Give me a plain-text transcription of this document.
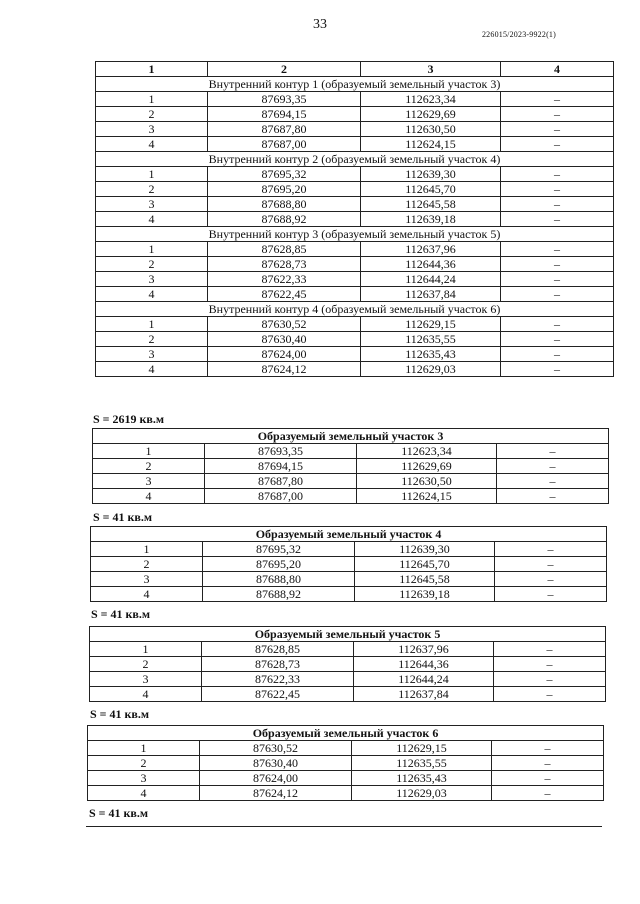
33
226015/2023-9922(1)
1	2	3	4
Внутренний контур 1 (образуемый земельный участок 3)			
1	87693,35	112623,34	–
2	87694,15	112629,69	–
3	87687,80	112630,50	–
4	87687,00	112624,15	–
Внутренний контур 2 (образуемый земельный участок 4)			
1	87695,32	112639,30	–
2	87695,20	112645,70	–
3	87688,80	112645,58	–
4	87688,92	112639,18	–
Внутренний контур 3 (образуемый земельный участок 5)			
1	87628,85	112637,96	–
2	87628,73	112644,36	–
3	87622,33	112644,24	–
4	87622,45	112637,84	–
Внутренний контур 4 (образуемый земельный участок 6)			
1	87630,52	112629,15	–
2	87630,40	112635,55	–
3	87624,00	112635,43	–
4	87624,12	112629,03	–
S = 2619 кв.м
Образуемый земельный участок 3			
1	87693,35	112623,34	–
2	87694,15	112629,69	–
3	87687,80	112630,50	–
4	87687,00	112624,15	–
S = 41 кв.м
Образуемый земельный участок 4			
1	87695,32	112639,30	–
2	87695,20	112645,70	–
3	87688,80	112645,58	–
4	87688,92	112639,18	–
S = 41 кв.м
Образуемый земельный участок 5			
1	87628,85	112637,96	–
2	87628,73	112644,36	–
3	87622,33	112644,24	–
4	87622,45	112637,84	–
S = 41 кв.м
Образуемый земельный участок 6			
1	87630,52	112629,15	–
2	87630,40	112635,55	–
3	87624,00	112635,43	–
4	87624,12	112629,03	–
S = 41 кв.м
